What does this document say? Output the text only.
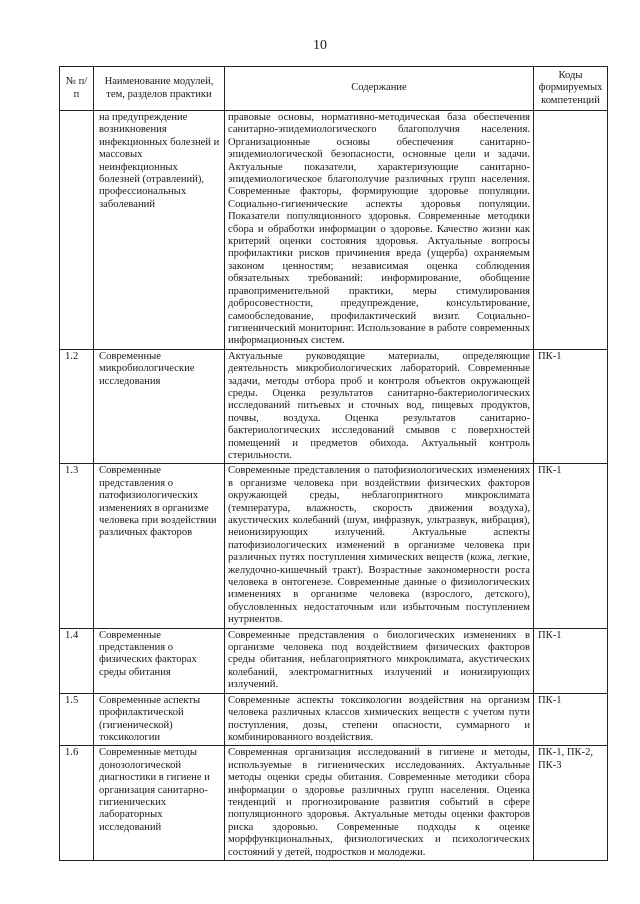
10
№ п/п	Наименование модулей, тем, разделов практики	Содержание	Коды формируемых компетенций
	на предупреждение возникновения инфекционных болезней и массовых неинфекционных болезней (отравлений), профессиональных заболеваний	правовые основы, нормативно-методическая база обеспечения санитарно-эпидемиологического благополучия населения. Организационные основы обеспечения санитарно-эпидемиологической безопасности, основные цели и задачи. Актуальные показатели, характеризующие санитарно-эпидемиологическое благополучие различных групп населения. Современные факторы, формирующие здоровье популяции. Социально-гигиенические аспекты здоровья популяции. Показатели популяционного здоровья. Современные методики сбора и обработки информации о здоровье. Качество жизни как критерий оценки состояния здоровья. Актуальные вопросы профилактики рисков причинения вреда (ущерба) охраняемым законом ценностям; независимая оценка соблюдения обязательных требований: информирование, обобщение правоприменительной практики, меры стимулирования добросовестности, предупреждение, консультирование, самообследование, профилактический визит. Социально-гигиенический мониторинг. Использование в работе современных информационных систем.	
1.2	Современные микробиологические исследования	Актуальные руководящие материалы, определяющие деятельность микробиологических лабораторий. Современные задачи, методы отбора проб и контроля объектов окружающей среды. Оценка результатов санитарно-бактериологических исследований питьевых и сточных вод, пищевых продуктов, почвы, воздуха. Оценка результатов санитарно-бактериологических исследований смывов с поверхностей помещений и предметов обихода. Актуальный контроль стерильности.	ПК-1
1.3	Современные представления о патофизиологических изменениях в организме человека при воздействии различных факторов	Современные представления о патофизиологических изменениях в организме человека при воздействии физических факторов окружающей среды, неблагоприятного микроклимата (температура, влажность, скорость движения воздуха), акустических колебаний (шум, инфразвук, ультразвук, вибрация), неионизирующих излучений. Актуальные аспекты патофизиологических изменений в организме человека при различных путях поступления химических веществ (кожа, легкие, желудочно-кишечный тракт). Возрастные закономерности роста человека в онтогенезе. Современные данные о физиологических изменениях в организме человека (взрослого, детского), обусловленных недостаточным или избыточным поступлением нутриентов.	ПК-1
1.4	Современные представления о физических факторах среды обитания	Современные представления о биологических изменениях в организме человека под воздействием физических факторов среды обитания, неблагоприятного микроклимата, акустических колебаний, электромагнитных излучений и ионизирующих излучений.	ПК-1
1.5	Современные аспекты профилактической (гигиенической) токсикологии	Современные аспекты токсикологии воздействия на организм человека различных классов химических веществ с учетом пути поступления, дозы, степени опасности, суммарного и комбинированного воздействия.	ПК-1
1.6	Современные методы донозологической диагностики в гигиене и организация санитарно-гигиенических лабораторных исследований	Современная организация исследований в гигиене и методы, используемые в гигиенических исследованиях. Актуальные методы оценки среды обитания. Современные методики сбора информации о здоровье различных групп населения. Оценка тенденций и прогнозирование развития событий в сфере популяционного здоровья. Актуальные методы оценки факторов риска здоровью. Современные подходы к оценке морффункциональных, физиологических и психологических состояний у детей, подростков и молодежи.	ПК-1, ПК-2, ПК-3
